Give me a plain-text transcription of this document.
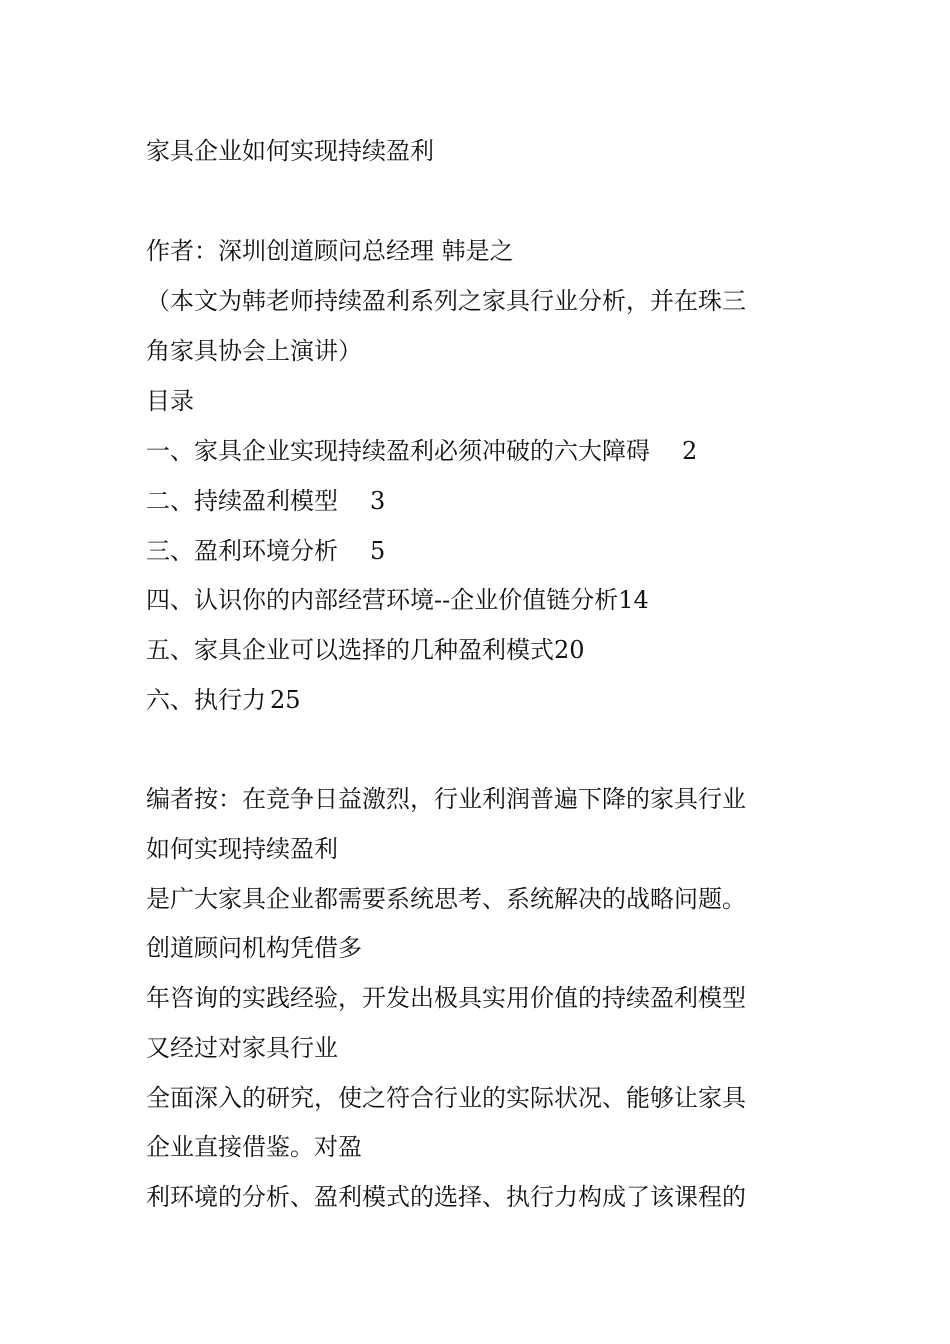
家具企业如何实现持续盈利
作者：深圳创道顾问总经理 韩是之
（本文为韩老师持续盈利系列之家具行业分析，并在珠三
角家具协会上演讲）
目录
一、家具企业实现持续盈利必须冲破的六大障碍 2
二、持续盈利模型 3
三、盈利环境分析 5
四、认识你的内部经营环境--企业价值链分析14
五、家具企业可以选择的几种盈利模式20
六、执行力 25
编者按：在竞争日益激烈，行业利润普遍下降的家具行业
如何实现持续盈利
是广大家具企业都需要系统思考、系统解决的战略问题。
创道顾问机构凭借多
年咨询的实践经验，开发出极具实用价值的持续盈利模型
又经过对家具行业
全面深入的研究，使之符合行业的实际状况、能够让家具
企业直接借鉴。对盈
利环境的分析、盈利模式的选择、执行力构成了该课程的
